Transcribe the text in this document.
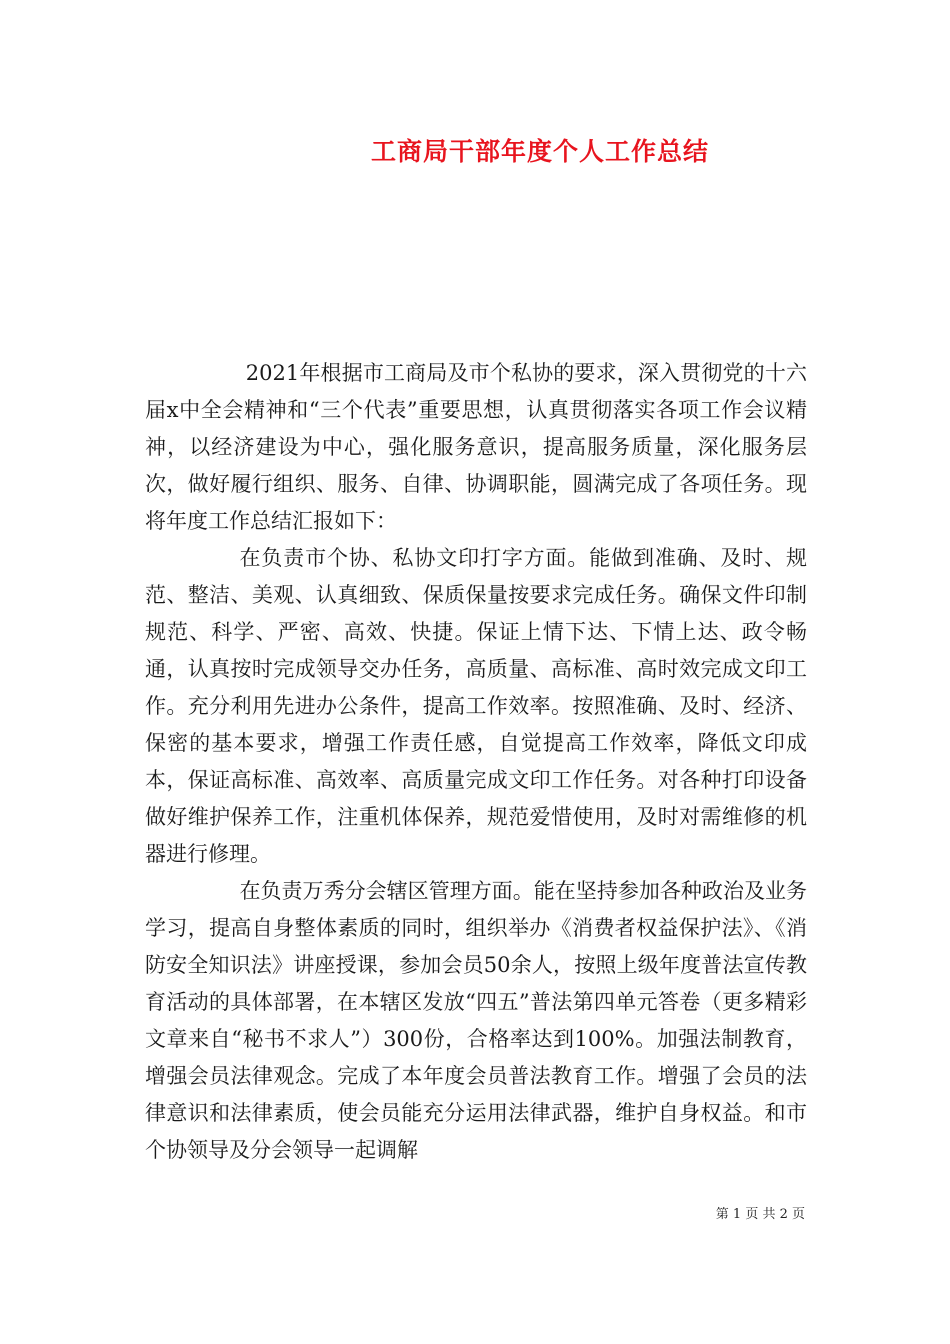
工商局干部年度个人工作总结

2021年根据市工商局及市个私协的要求，深入贯彻党的十六届x中全会精神和“三个代表”重要思想，认真贯彻落实各项工作会议精神，以经济建设为中心，强化服务意识，提高服务质量，深化服务层次，做好履行组织、服务、自律、协调职能，圆满完成了各项任务。现将年度工作总结汇报如下：

在负责市个协、私协文印打字方面。能做到准确、及时、规范、整洁、美观、认真细致、保质保量按要求完成任务。确保文件印制规范、科学、严密、高效、快捷。保证上情下达、下情上达、政令畅通，认真按时完成领导交办任务，高质量、高标准、高时效完成文印工作。充分利用先进办公条件，提高工作效率。按照准确、及时、经济、保密的基本要求，增强工作责任感，自觉提高工作效率，降低文印成本，保证高标准、高效率、高质量完成文印工作任务。对各种打印设备做好维护保养工作，注重机体保养，规范爱惜使用，及时对需维修的机器进行修理。

在负责万秀分会辖区管理方面。能在坚持参加各种政治及业务学习，提高自身整体素质的同时，组织举办《消费者权益保护法》、《消防安全知识法》讲座授课，参加会员50余人，按照上级年度普法宣传教育活动的具体部署，在本辖区发放“四五”普法第四单元答卷（更多精彩文章来自“秘书不求人”）300份，合格率达到100%。加强法制教育，增强会员法律观念。完成了本年度会员普法教育工作。增强了会员的法律意识和法律素质，使会员能充分运用法律武器，维护自身权益。和市个协领导及分会领导一起调解

第 1 页 共 2 页
